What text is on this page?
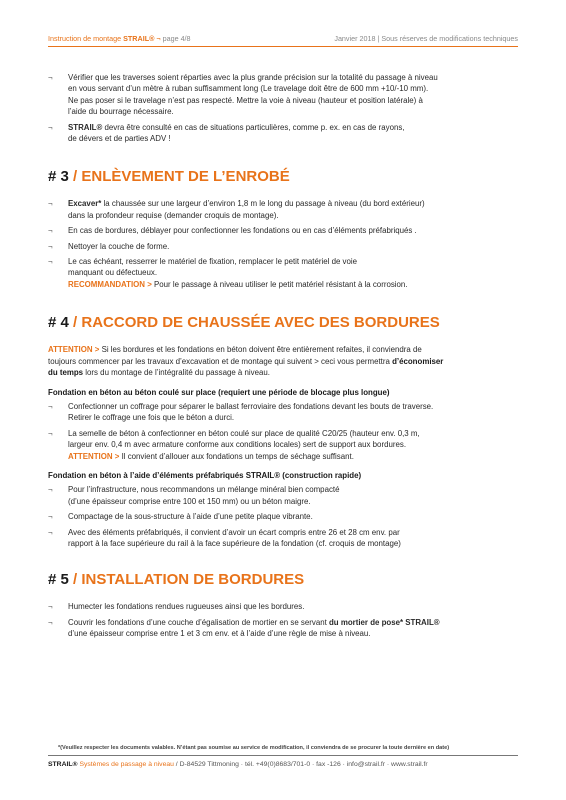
Instruction de montage STRAIL® ¬ page 4/8	Janvier 2018 | Sous réserves de modifications techniques
¬ Vérifier que les traverses soient réparties avec la plus grande précision sur la totalité du passage à niveau
en vous servant d’un mètre à ruban suffisamment long (Le travelage doit être de 600 mm +10/-10 mm).
Ne pas poser si le travelage n’est pas respecté. Mettre la voie à niveau (hauteur et position latérale) à
l’aide du bourrage nécessaire.
¬ STRAIL® devra être consulté en cas de situations particulières, comme p. ex. en cas de rayons,
de dévers et de parties ADV !
# 3 / ENLÈVEMENT DE L’ENROBÉ
¬ Excaver* la chaussée sur une largeur d’environ 1,8 m le long du passage à niveau (du bord extérieur)
dans la profondeur requise (demander croquis de montage).
¬ En cas de bordures, déblayer pour confectionner les fondations ou en cas d’éléments préfabriqués .
¬ Nettoyer la couche de forme.
¬ Le cas échéant, resserrer le matériel de fixation, remplacer le petit matériel de voie
manquant ou défectueux.
RECOMMANDATION > Pour le passage à niveau utiliser le petit matériel résistant à la corrosion.
# 4 / RACCORD DE CHAUSSÉE AVEC DES BORDURES
ATTENTION > Si les bordures et les fondations en béton doivent être entièrement refaites, il conviendra de
toujours commencer par les travaux d’excavation et de montage qui suivent > ceci vous permettra d’économiser
du temps lors du montage de l’intégralité du passage à niveau.
Fondation en béton au béton coulé sur place (requiert une période de blocage plus longue)
¬ Confectionner un coffrage pour séparer le ballast ferroviaire des fondations devant les bouts de traverse.
Retirer le coffrage une fois que le béton a durci.
¬ La semelle de béton à confectionner en béton coulé sur place de qualité C20/25 (hauteur env. 0,3 m,
largeur env. 0,4 m avec armature conforme aux conditions locales) sert de support aux bordures.
ATTENTION > Il convient d’allouer aux fondations un temps de séchage suffisant.
Fondation en béton à l’aide d’éléments préfabriqués STRAIL® (construction rapide)
¬ Pour l’infrastructure, nous recommandons un mélange minéral bien compacté
(d’une épaisseur comprise entre 100 et 150 mm) ou un béton maigre.
¬ Compactage de la sous-structure à l’aide d’une petite plaque vibrante.
¬ Avec des éléments préfabriqués, il convient d’avoir un écart compris entre 26 et 28 cm env. par
rapport à la face supérieure du rail à la face supérieure de la fondation (cf. croquis de montage)
# 5 / INSTALLATION DE BORDURES
¬ Humecter les fondations rendues rugueuses ainsi que les bordures.
¬ Couvrir les fondations d’une couche d’égalisation de mortier en se servant du mortier de pose* STRAIL®
d’une épaisseur comprise entre 1 et 3 cm env. et à l’aide d’une règle de mise à niveau.
*(Veuillez respecter les documents valables. N’étant pas soumise au service de modification, il conviendra de se procurer la toute dernière en date)
STRAIL® Systèmes de passage à niveau / D-84529 Tittmoning · tél. +49(0)8683/701-0 · fax -126 · info@strail.fr · www.strail.fr
